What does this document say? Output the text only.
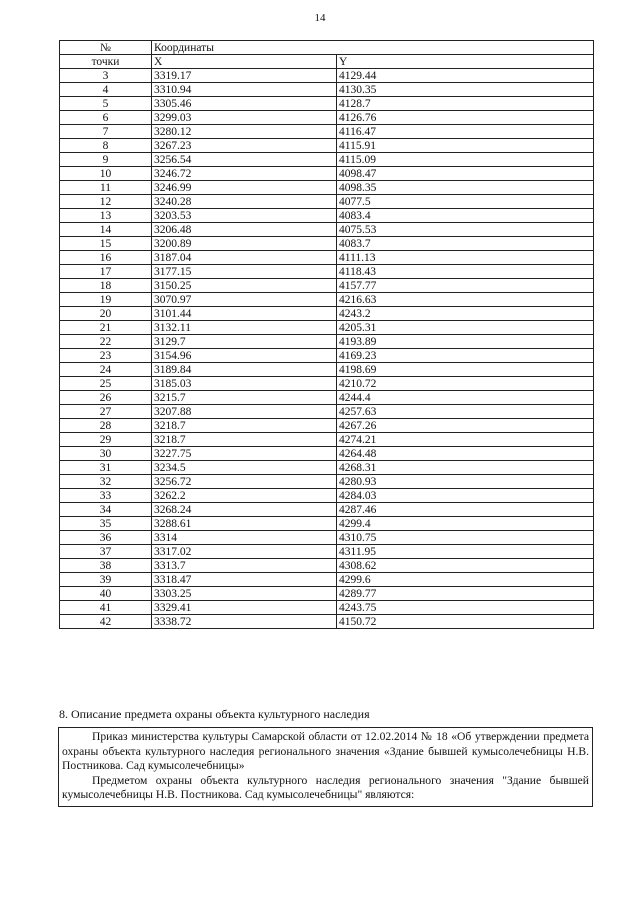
14
№	Координаты	
точки	X	Y
3	3319.17	4129.44
4	3310.94	4130.35
5	3305.46	4128.7
6	3299.03	4126.76
7	3280.12	4116.47
8	3267.23	4115.91
9	3256.54	4115.09
10	3246.72	4098.47
11	3246.99	4098.35
12	3240.28	4077.5
13	3203.53	4083.4
14	3206.48	4075.53
15	3200.89	4083.7
16	3187.04	4111.13
17	3177.15	4118.43
18	3150.25	4157.77
19	3070.97	4216.63
20	3101.44	4243.2
21	3132.11	4205.31
22	3129.7	4193.89
23	3154.96	4169.23
24	3189.84	4198.69
25	3185.03	4210.72
26	3215.7	4244.4
27	3207.88	4257.63
28	3218.7	4267.26
29	3218.7	4274.21
30	3227.75	4264.48
31	3234.5	4268.31
32	3256.72	4280.93
33	3262.2	4284.03
34	3268.24	4287.46
35	3288.61	4299.4
36	3314	4310.75
37	3317.02	4311.95
38	3313.7	4308.62
39	3318.47	4299.6
40	3303.25	4289.77
41	3329.41	4243.75
42	3338.72	4150.72
8. Описание предмета охраны объекта культурного наследия

Приказ министерства культуры Самарской области от 12.02.2014 № 18 «Об утверждении предмета охраны объекта культурного наследия регионального значения «Здание бывшей кумысолечебницы Н.В. Постникова. Сад кумысолечебницы»

Предметом охраны объекта культурного наследия регионального значения "Здание бывшей кумысолечебницы Н.В. Постникова. Сад кумысолечебницы" являются:
